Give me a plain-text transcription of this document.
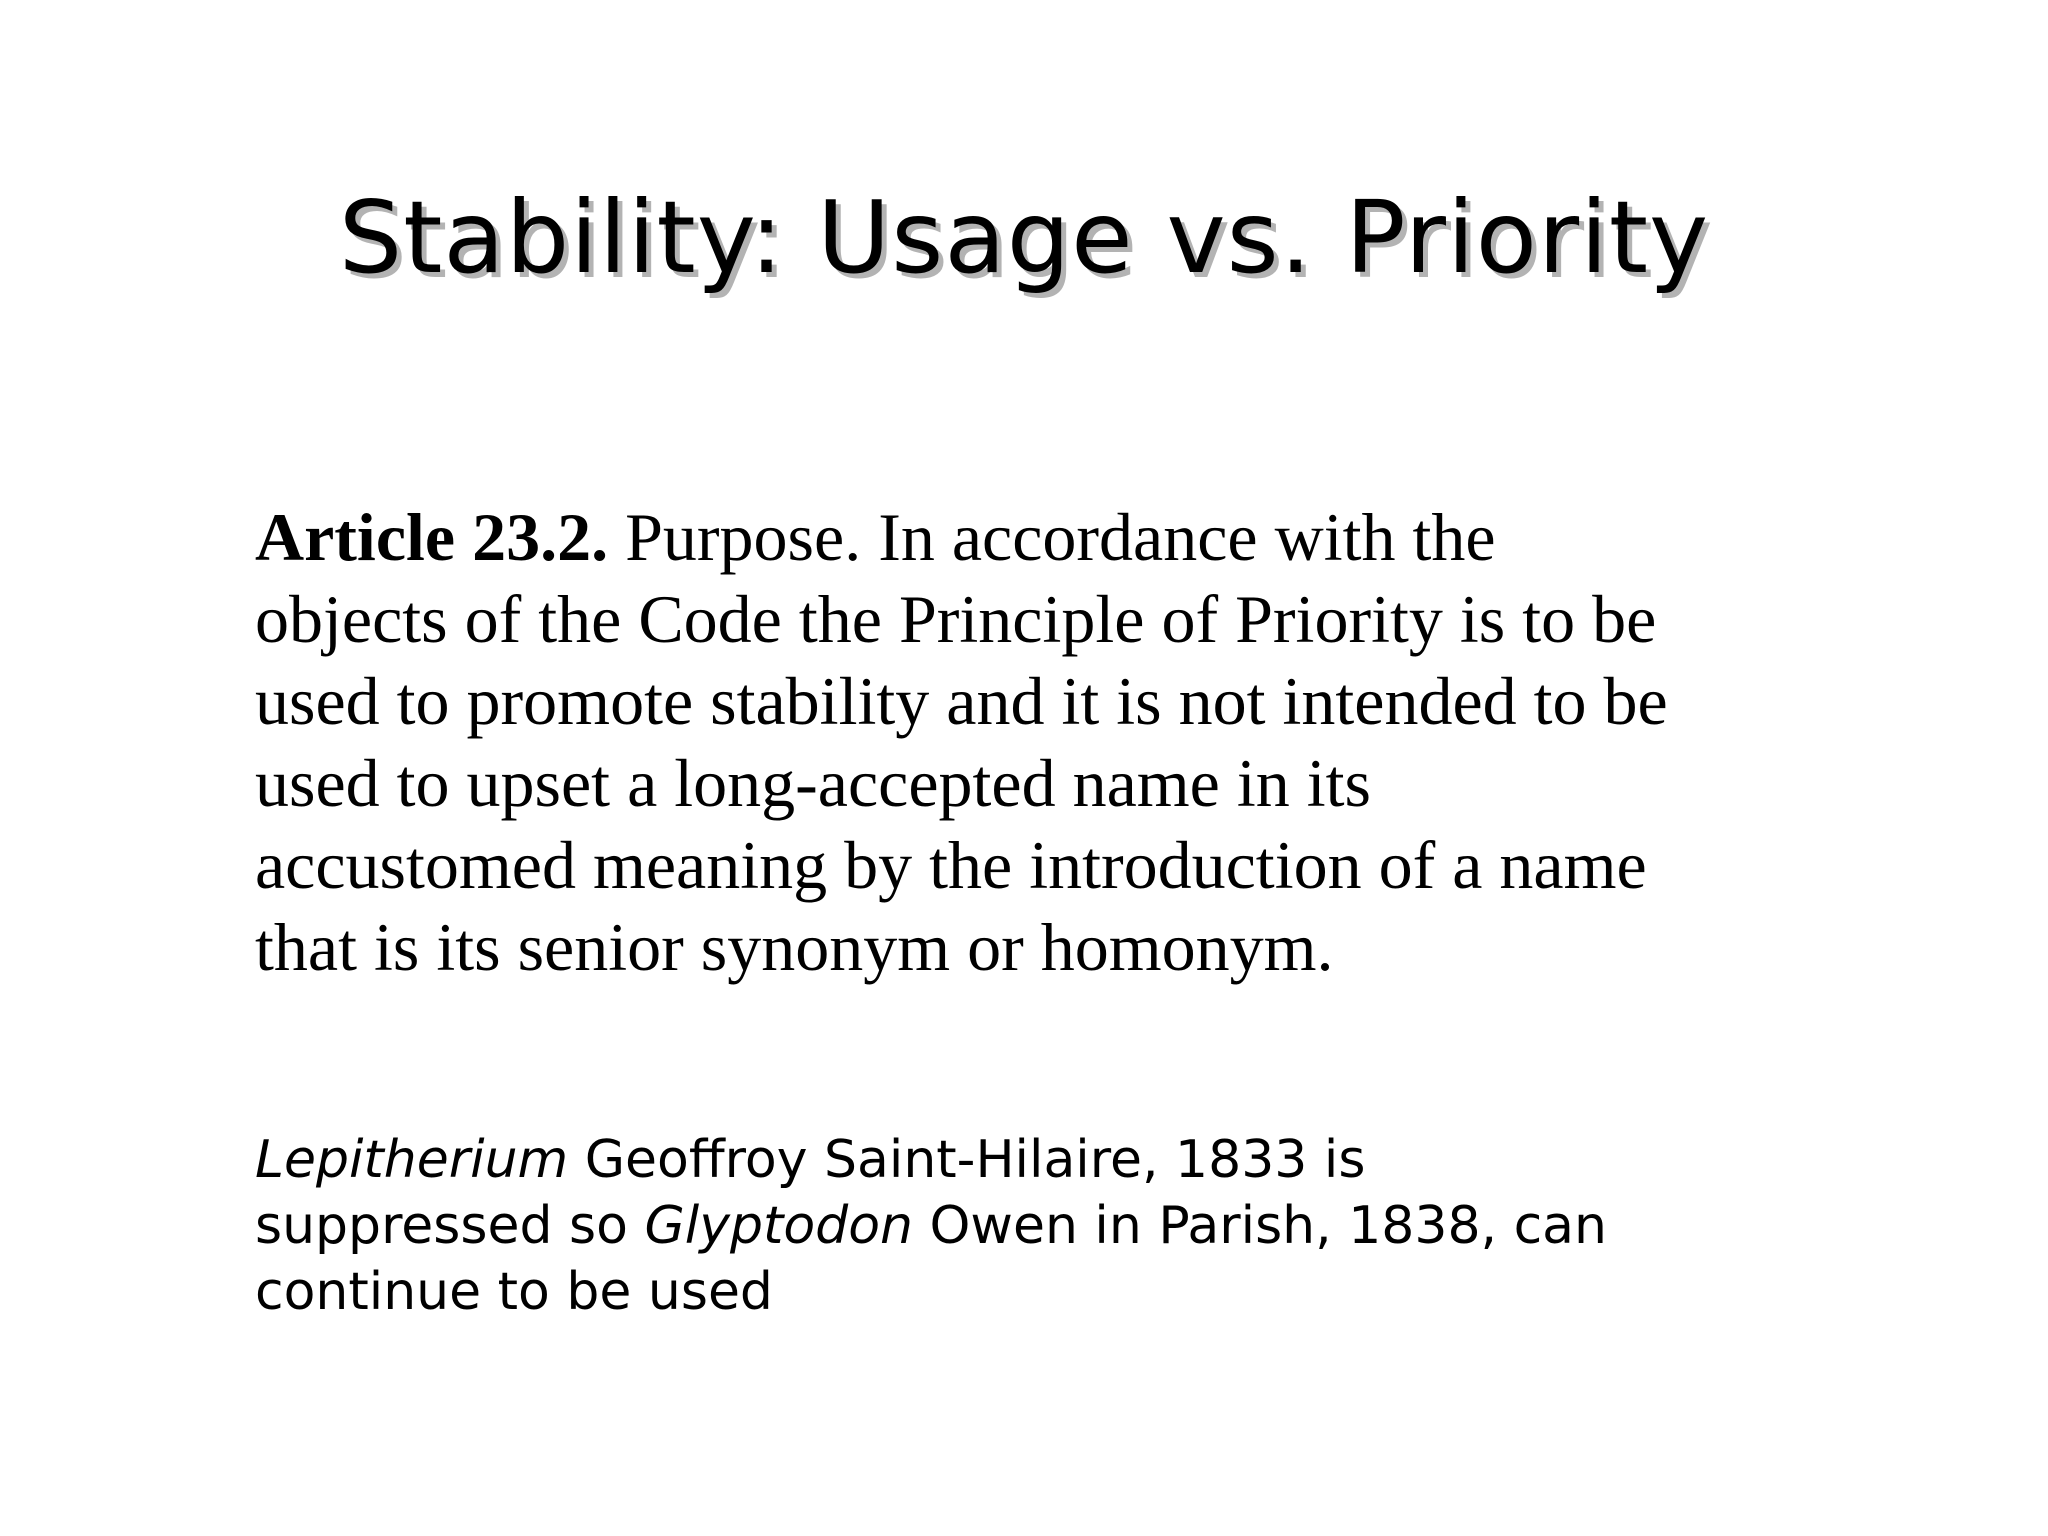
Stability: Usage vs. Priority
Article 23.2. Purpose. In accordance with the
objects of the Code the Principle of Priority is to be
used to promote stability and it is not intended to be
used to upset a long-accepted name in its
accustomed meaning by the introduction of a name
that is its senior synonym or homonym.
Lepitherium Geoffroy Saint-Hilaire, 1833 is
suppressed so Glyptodon Owen in Parish, 1838, can
continue to be used
